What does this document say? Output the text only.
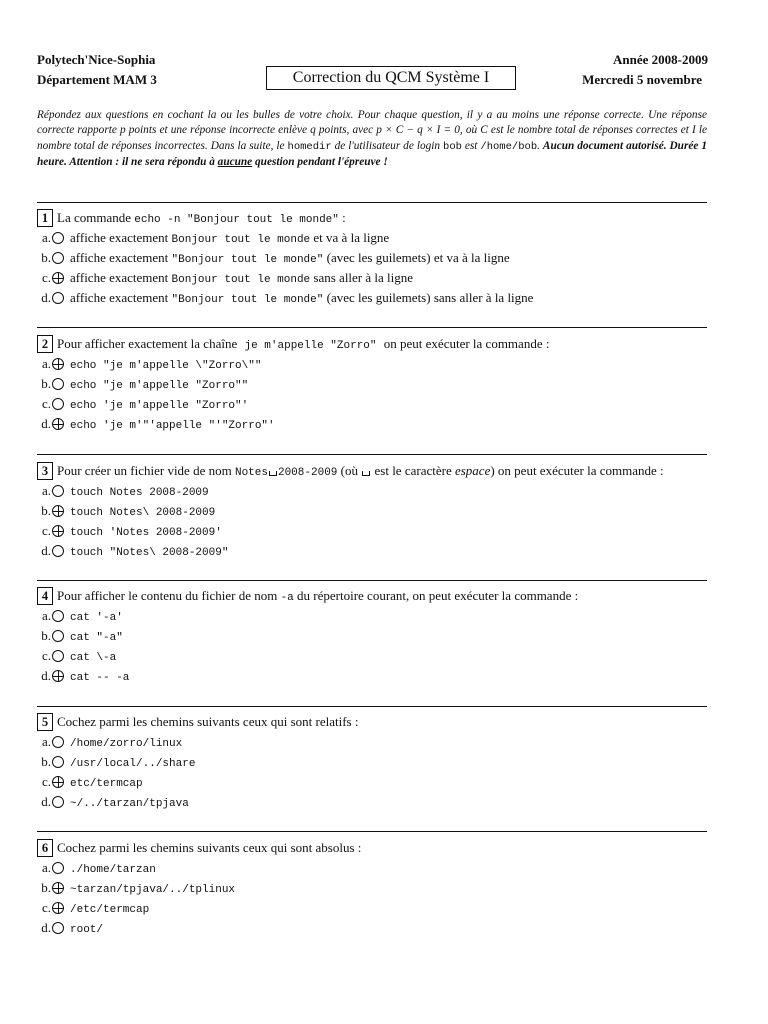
Polytech'Nice-Sophia
Département MAM 3
Année 2008-2009
Mercredi 5 novembre
Correction du QCM Système I
Répondez aux questions en cochant la ou les bulles de votre choix. Pour chaque question, il y a au moins une réponse correcte. Une réponse correcte rapporte p points et une réponse incorrecte enlève q points, avec p × C − q × I = 0, où C est le nombre total de réponses correctes et I le nombre total de réponses incorrectes. Dans la suite, le homedir de l'utilisateur de login bob est /home/bob. Aucun document autorisé. Durée 1 heure. Attention : il ne sera répondu à aucune question pendant l'épreuve !
1 La commande echo -n "Bonjour tout le monde" :
a. affiche exactement Bonjour tout le monde et va à la ligne
b. affiche exactement "Bonjour tout le monde" (avec les guilemets) et va à la ligne
c. affiche exactement Bonjour tout le monde sans aller à la ligne
d. affiche exactement "Bonjour tout le monde" (avec les guilemets) sans aller à la ligne
2 Pour afficher exactement la chaîne je m'appelle "Zorro" on peut exécuter la commande :
a. echo "je m'appelle \"Zorro\""
b. echo "je m'appelle "Zorro""
c. echo 'je m'appelle "Zorro"'
d. echo 'je m'"'appelle "'"Zorro"'
3 Pour créer un fichier vide de nom Notes 2008-2009 (où  est le caractère espace) on peut exécuter la commande :
a. touch Notes 2008-2009
b. touch Notes\ 2008-2009
c. touch 'Notes 2008-2009'
d. touch "Notes\ 2008-2009"
4 Pour afficher le contenu du fichier de nom -a du répertoire courant, on peut exécuter la commande :
a. cat '-a'
b. cat "-a"
c. cat \-a
d. cat -- -a
5 Cochez parmi les chemins suivants ceux qui sont relatifs :
a. /home/zorro/linux
b. /usr/local/../share
c. etc/termcap
d. ~/../tarzan/tpjava
6 Cochez parmi les chemins suivants ceux qui sont absolus :
a. ./home/tarzan
b. ~tarzan/tpjava/../tplinux
c. /etc/termcap
d. root/
